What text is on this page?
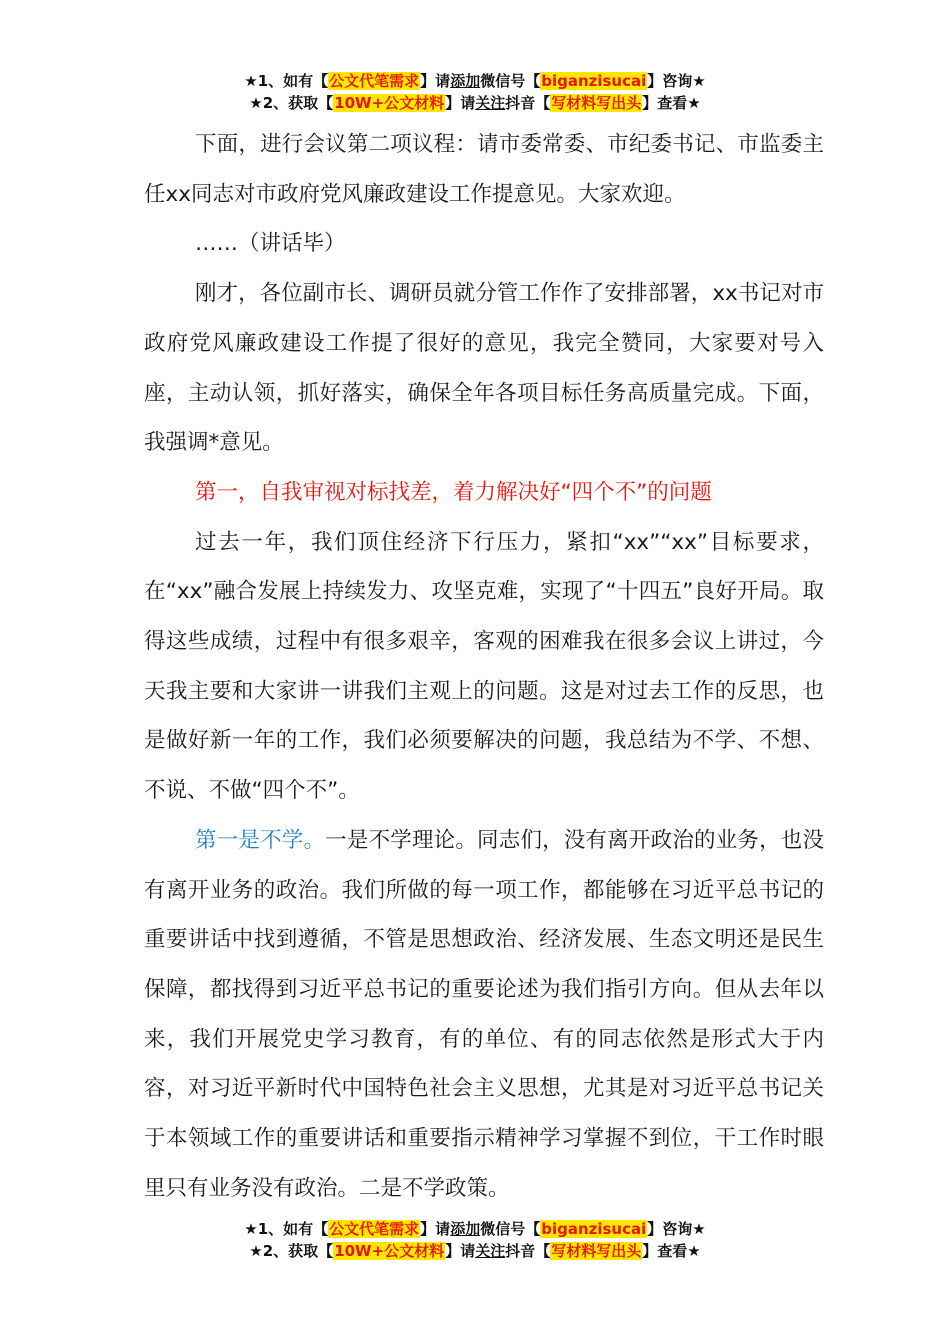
★1、如有【公文代笔需求】请添加微信号【biganzisucai】咨询★
★2、获取【10W+公文材料】请关注抖音【写材料写出头】查看★

下面，进行会议第二项议程：请市委常委、市纪委书记、市监委主任xx同志对市政府党风廉政建设工作提意见。大家欢迎。

……（讲话毕）

刚才，各位副市长、调研员就分管工作作了安排部署，xx书记对市政府党风廉政建设工作提了很好的意见，我完全赞同，大家要对号入座，主动认领，抓好落实，确保全年各项目标任务高质量完成。下面，我强调*意见。

第一，自我审视对标找差，着力解决好“四个不”的问题

过去一年，我们顶住经济下行压力，紧扣“xx”“xx”目标要求，在“xx”融合发展上持续发力、攻坚克难，实现了“十四五”良好开局。取得这些成绩，过程中有很多艰辛，客观的困难我在很多会议上讲过，今天我主要和大家讲一讲我们主观上的问题。这是对过去工作的反思，也是做好新一年的工作，我们必须要解决的问题，我总结为不学、不想、不说、不做“四个不”。

第一是不学。一是不学理论。同志们，没有离开政治的业务，也没有离开业务的政治。我们所做的每一项工作，都能够在习近平总书记的重要讲话中找到遵循，不管是思想政治、经济发展、生态文明还是民生保障，都找得到习近平总书记的重要论述为我们指引方向。但从去年以来，我们开展党史学习教育，有的单位、有的同志依然是形式大于内容，对习近平新时代中国特色社会主义思想，尤其是对习近平总书记关于本领域工作的重要讲话和重要指示精神学习掌握不到位，干工作时眼里只有业务没有政治。二是不学政策。

★1、如有【公文代笔需求】请添加微信号【biganzisucai】咨询★
★2、获取【10W+公文材料】请关注抖音【写材料写出头】查看★
